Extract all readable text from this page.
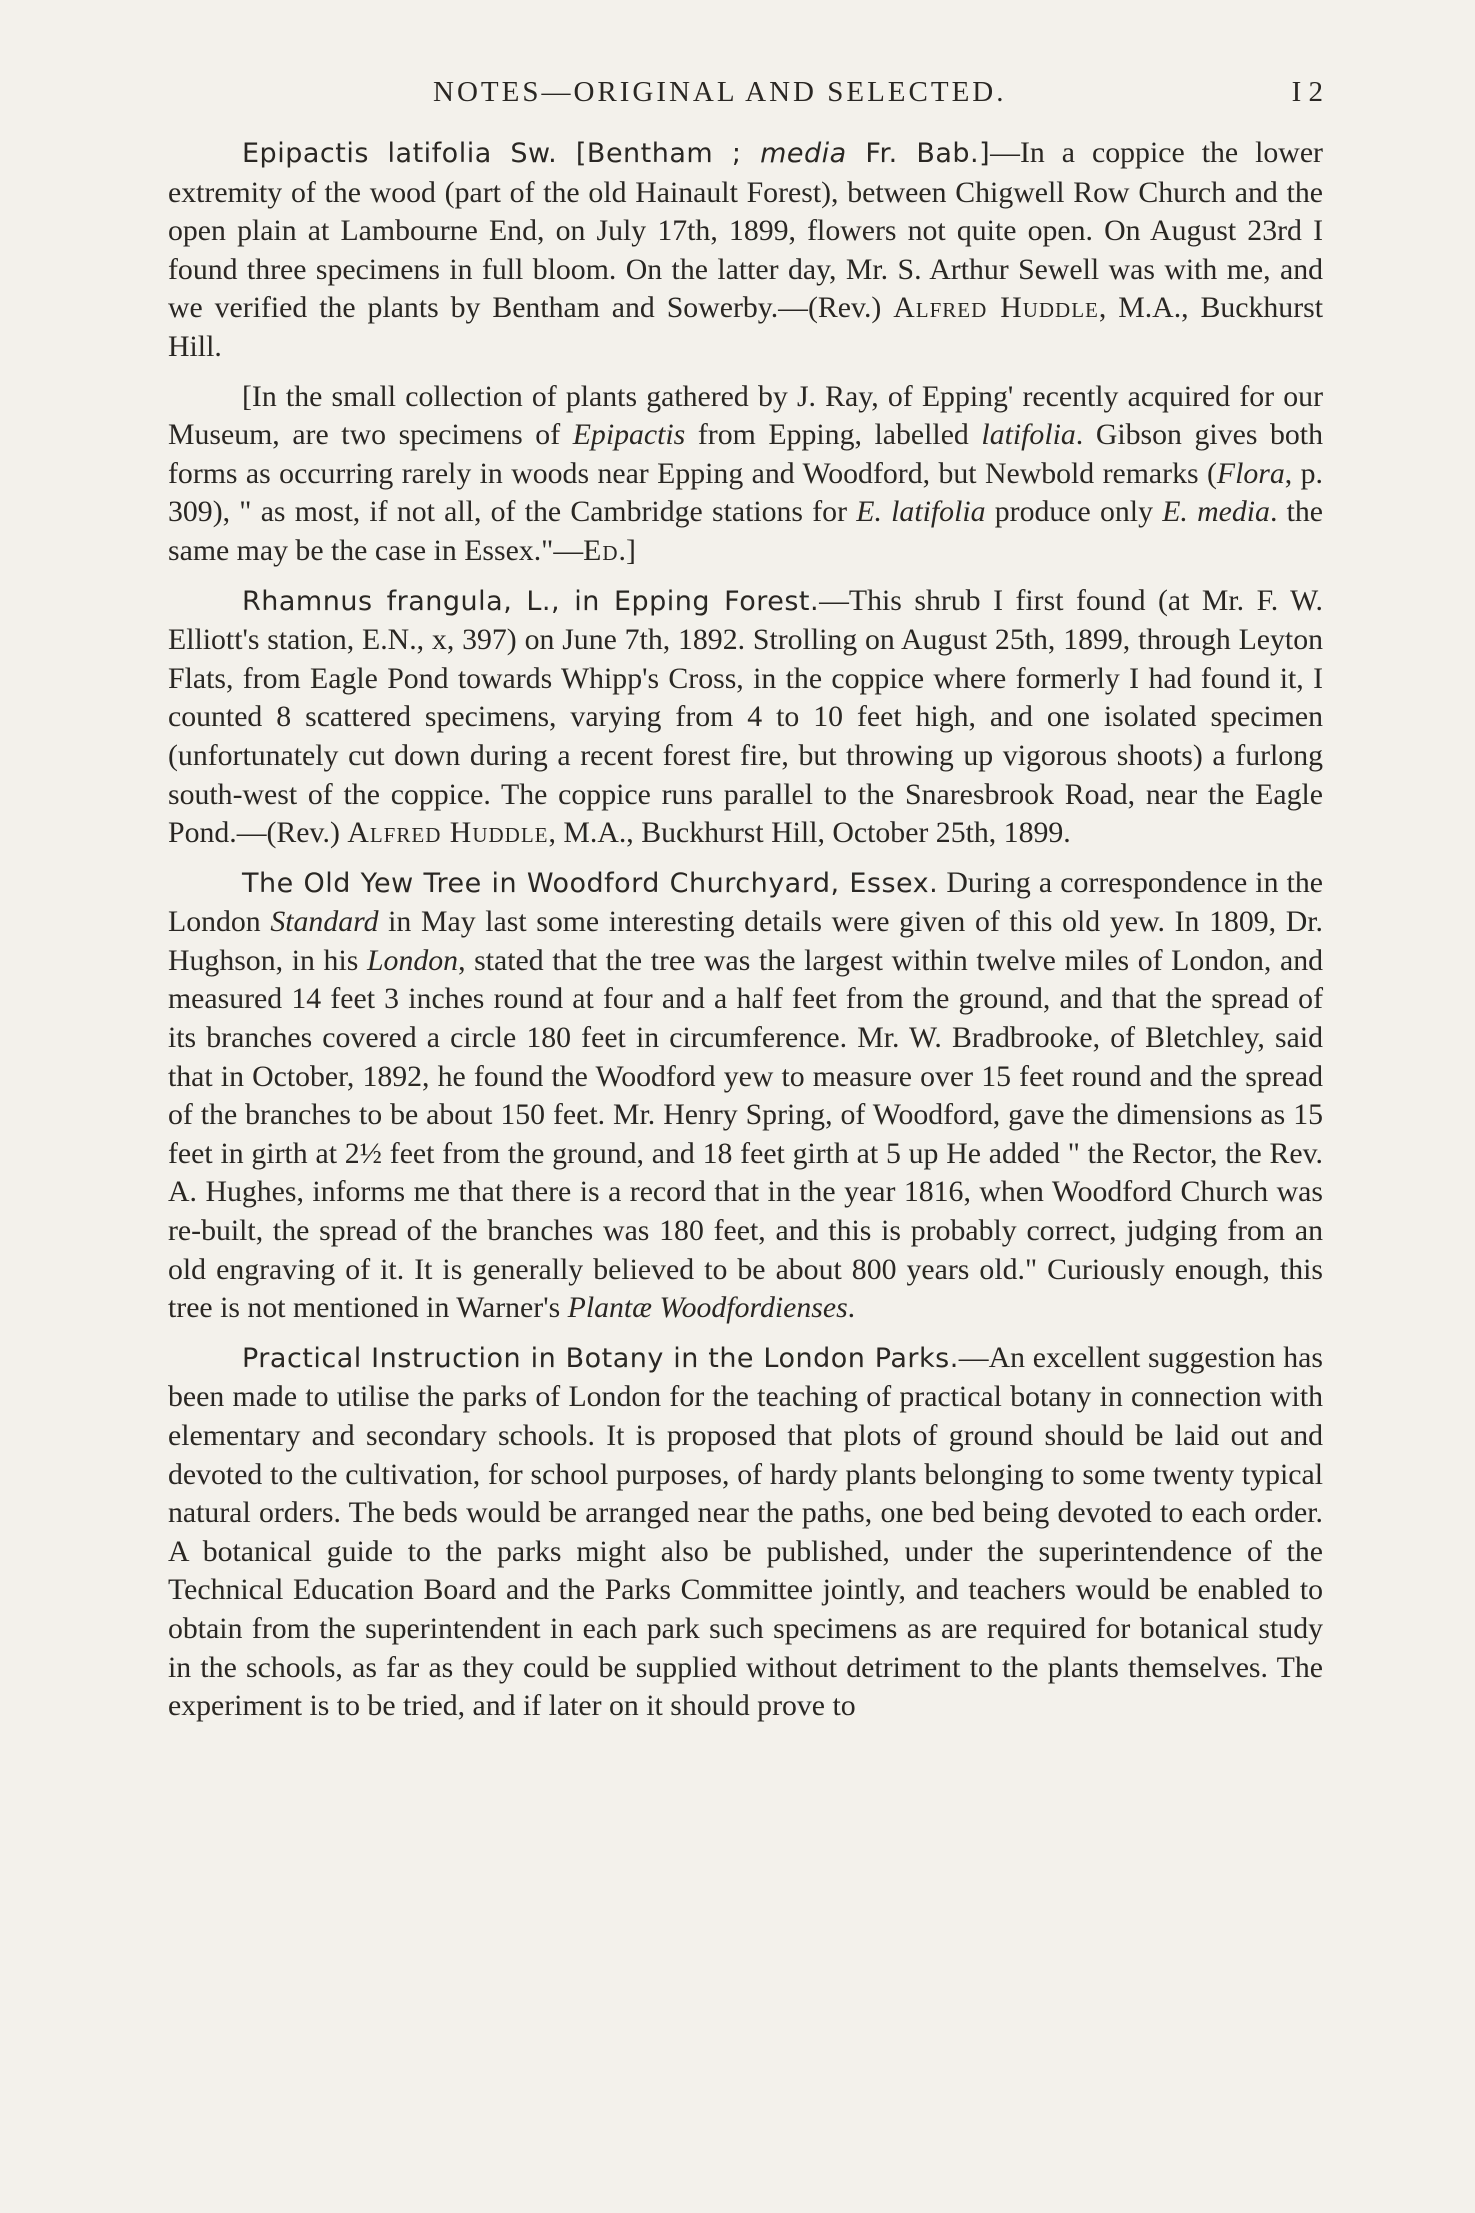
NOTES—ORIGINAL AND SELECTED.	I 2

Epipactis latifolia Sw. [Bentham ; media Fr. Bab.]—In a coppice the lower extremity of the wood (part of the old Hainault Forest), between Chigwell Row Church and the open plain at Lambourne End, on July 17th, 1899, flowers not quite open. On August 23rd I found three specimens in full bloom. On the latter day, Mr. S. Arthur Sewell was with me, and we verified the plants by Bentham and Sowerby.—(Rev.) Alfred Huddle, M.A., Buckhurst Hill.

[In the small collection of plants gathered by J. Ray, of Epping' recently acquired for our Museum, are two specimens of Epipactis from Epping, labelled latifolia. Gibson gives both forms as occurring rarely in woods near Epping and Woodford, but Newbold remarks (Flora, p. 309), " as most, if not all, of the Cambridge stations for E. latifolia produce only E. media. the same may be the case in Essex."—Ed.]

Rhamnus frangula, L., in Epping Forest.—This shrub I first found (at Mr. F. W. Elliott's station, E.N., x, 397) on June 7th, 1892. Strolling on August 25th, 1899, through Leyton Flats, from Eagle Pond towards Whipp's Cross, in the coppice where formerly I had found it, I counted 8 scattered specimens, varying from 4 to 10 feet high, and one isolated specimen (unfortunately cut down during a recent forest fire, but throwing up vigorous shoots) a furlong south-west of the coppice. The coppice runs parallel to the Snaresbrook Road, near the Eagle Pond.—(Rev.) Alfred Huddle, M.A., Buckhurst Hill, October 25th, 1899.

The Old Yew Tree in Woodford Churchyard, Essex. During a correspondence in the London Standard in May last some interesting details were given of this old yew. In 1809, Dr. Hughson, in his London, stated that the tree was the largest within twelve miles of London, and measured 14 feet 3 inches round at four and a half feet from the ground, and that the spread of its branches covered a circle 180 feet in circumference. Mr. W. Bradbrooke, of Bletchley, said that in October, 1892, he found the Woodford yew to measure over 15 feet round and the spread of the branches to be about 150 feet. Mr. Henry Spring, of Woodford, gave the dimensions as 15 feet in girth at 2½ feet from the ground, and 18 feet girth at 5 up He added " the Rector, the Rev. A. Hughes, informs me that there is a record that in the year 1816, when Woodford Church was re-built, the spread of the branches was 180 feet, and this is probably correct, judging from an old engraving of it. It is generally believed to be about 800 years old." Curiously enough, this tree is not mentioned in Warner's Plantæ Woodfordienses.

Practical Instruction in Botany in the London Parks.—An excellent suggestion has been made to utilise the parks of London for the teaching of practical botany in connection with elementary and secondary schools. It is proposed that plots of ground should be laid out and devoted to the cultivation, for school purposes, of hardy plants belonging to some twenty typical natural orders. The beds would be arranged near the paths, one bed being devoted to each order. A botanical guide to the parks might also be published, under the superintendence of the Technical Education Board and the Parks Committee jointly, and teachers would be enabled to obtain from the superintendent in each park such specimens as are required for botanical study in the schools, as far as they could be supplied without detriment to the plants themselves. The experiment is to be tried, and if later on it should prove to
